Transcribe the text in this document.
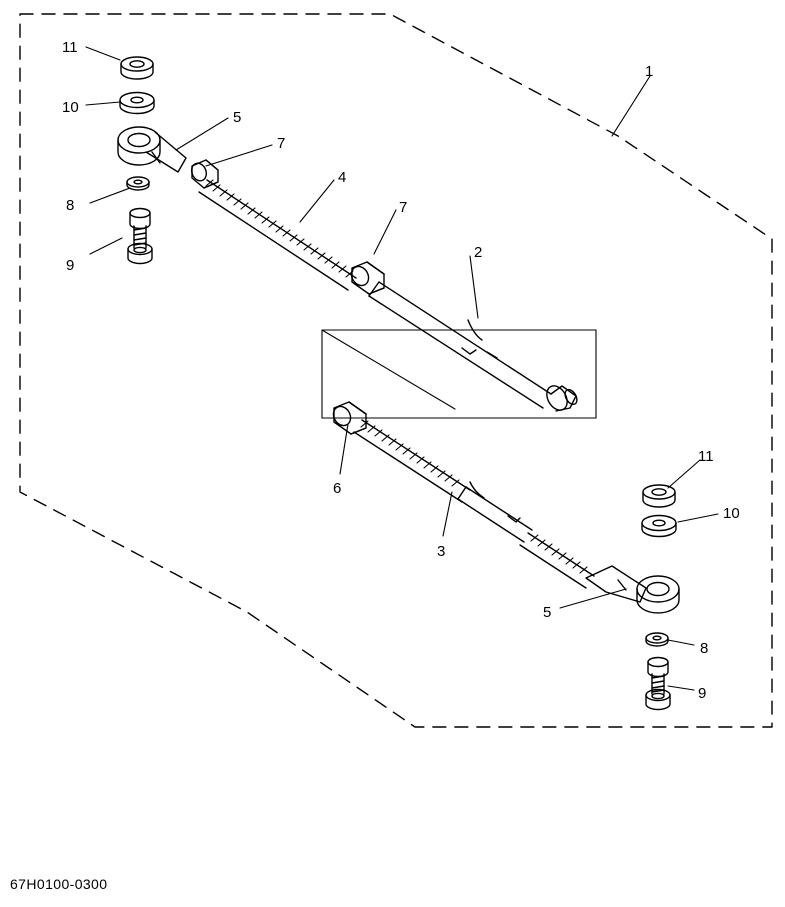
11
10
5
7
8
9
4
7
2
1
6
3
11
10
5
8
9
67H0100-0300
